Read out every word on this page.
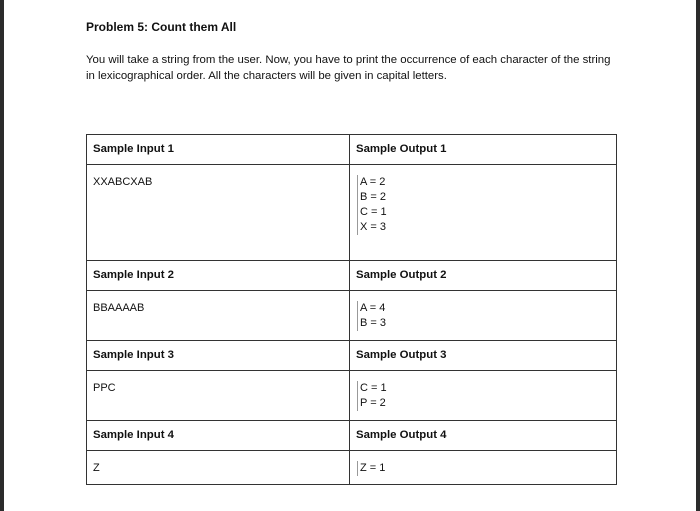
Problem 5: Count them All

You will take a string from the user. Now, you have to print the occurrence of each character of the string in lexicographical order. All the characters will be given in capital letters.

Sample Input 1	Sample Output 1

XXABCXAB	A = 2
B = 2
C = 1
X = 3

Sample Input 2	Sample Output 2

BBAAAAB	A = 4
B = 3

Sample Input 3	Sample Output 3

PPC	C = 1
P = 2

Sample Input 4	Sample Output 4

Z	Z = 1
